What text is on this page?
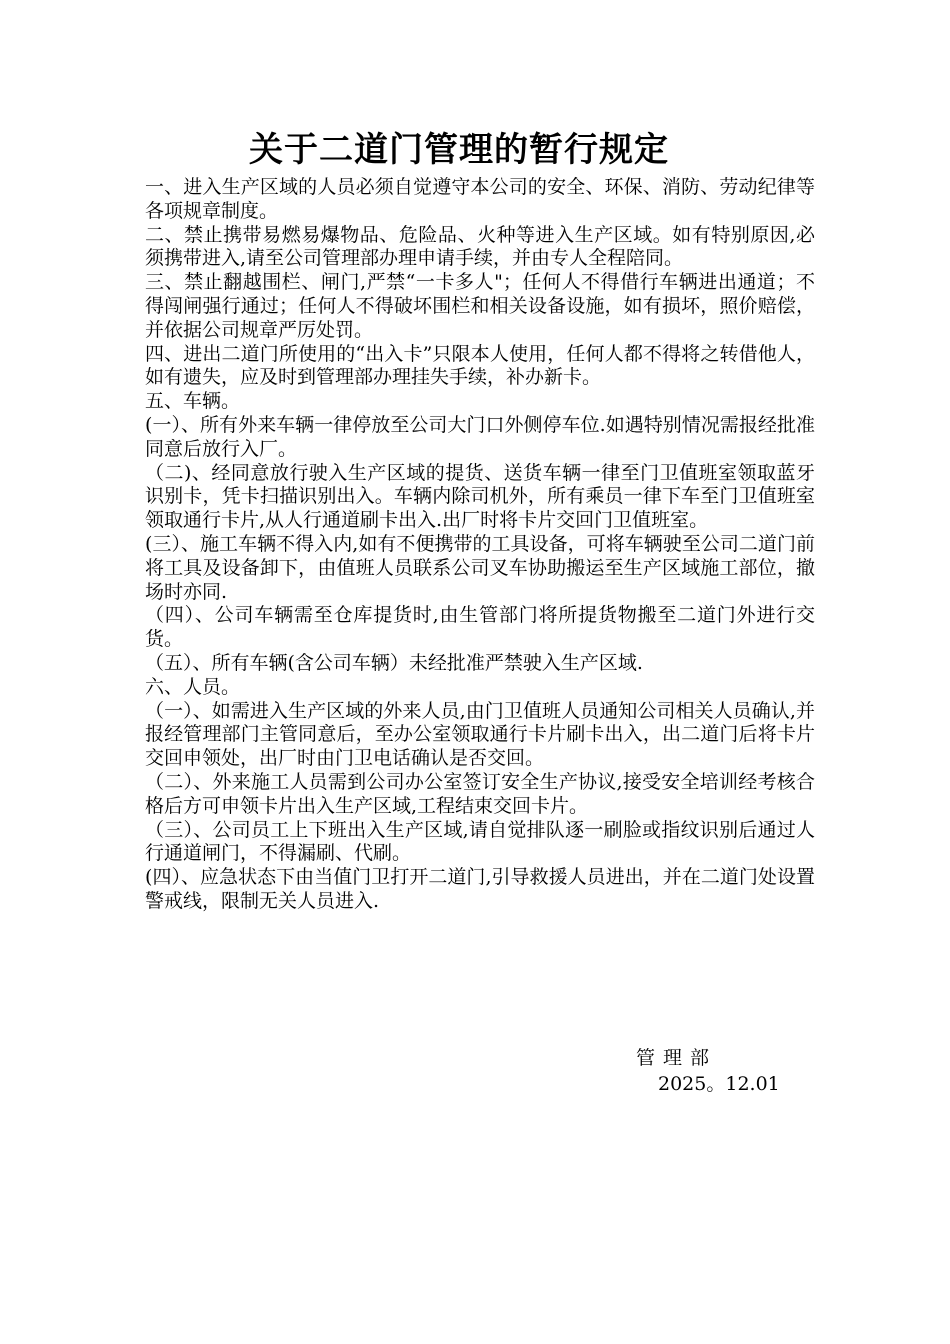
关于二道门管理的暂行规定

一、进入生产区域的人员必须自觉遵守本公司的安全、环保、消防、劳动纪律等各项规章制度。

二、禁止携带易燃易爆物品、危险品、火种等进入生产区域。如有特别原因,必须携带进入,请至公司管理部办理申请手续，并由专人全程陪同。

三、禁止翻越围栏、闸门,严禁“一卡多人"；任何人不得借行车辆进出通道；不得闯闸强行通过；任何人不得破坏围栏和相关设备设施，如有损坏，照价赔偿，并依据公司规章严厉处罚。

四、进出二道门所使用的“出入卡”只限本人使用，任何人都不得将之转借他人，如有遗失，应及时到管理部办理挂失手续，补办新卡。

五、车辆。

(一）、所有外来车辆一律停放至公司大门口外侧停车位.如遇特别情况需报经批准同意后放行入厂。

（二)、经同意放行驶入生产区域的提货、送货车辆一律至门卫值班室领取蓝牙识别卡，凭卡扫描识别出入。车辆内除司机外，所有乘员一律下车至门卫值班室领取通行卡片,从人行通道刷卡出入.出厂时将卡片交回门卫值班室。

(三）、施工车辆不得入内,如有不便携带的工具设备，可将车辆驶至公司二道门前将工具及设备卸下，由值班人员联系公司叉车协助搬运至生产区域施工部位，撤场时亦同.

（四）、公司车辆需至仓库提货时,由生管部门将所提货物搬至二道门外进行交货。

（五）、所有车辆(含公司车辆）未经批准严禁驶入生产区域.

六、人员。

（一）、如需进入生产区域的外来人员,由门卫值班人员通知公司相关人员确认,并报经管理部门主管同意后，至办公室领取通行卡片刷卡出入，出二道门后将卡片交回申领处，出厂时由门卫电话确认是否交回。

（二）、外来施工人员需到公司办公室签订安全生产协议,接受安全培训经考核合格后方可申领卡片出入生产区域,工程结束交回卡片。

（三）、公司员工上下班出入生产区域,请自觉排队逐一刷脸或指纹识别后通过人行通道闸门，不得漏刷、代刷。

(四）、应急状态下由当值门卫打开二道门,引导救援人员进出，并在二道门处设置警戒线，限制无关人员进入.

管理部
2025。12.01
